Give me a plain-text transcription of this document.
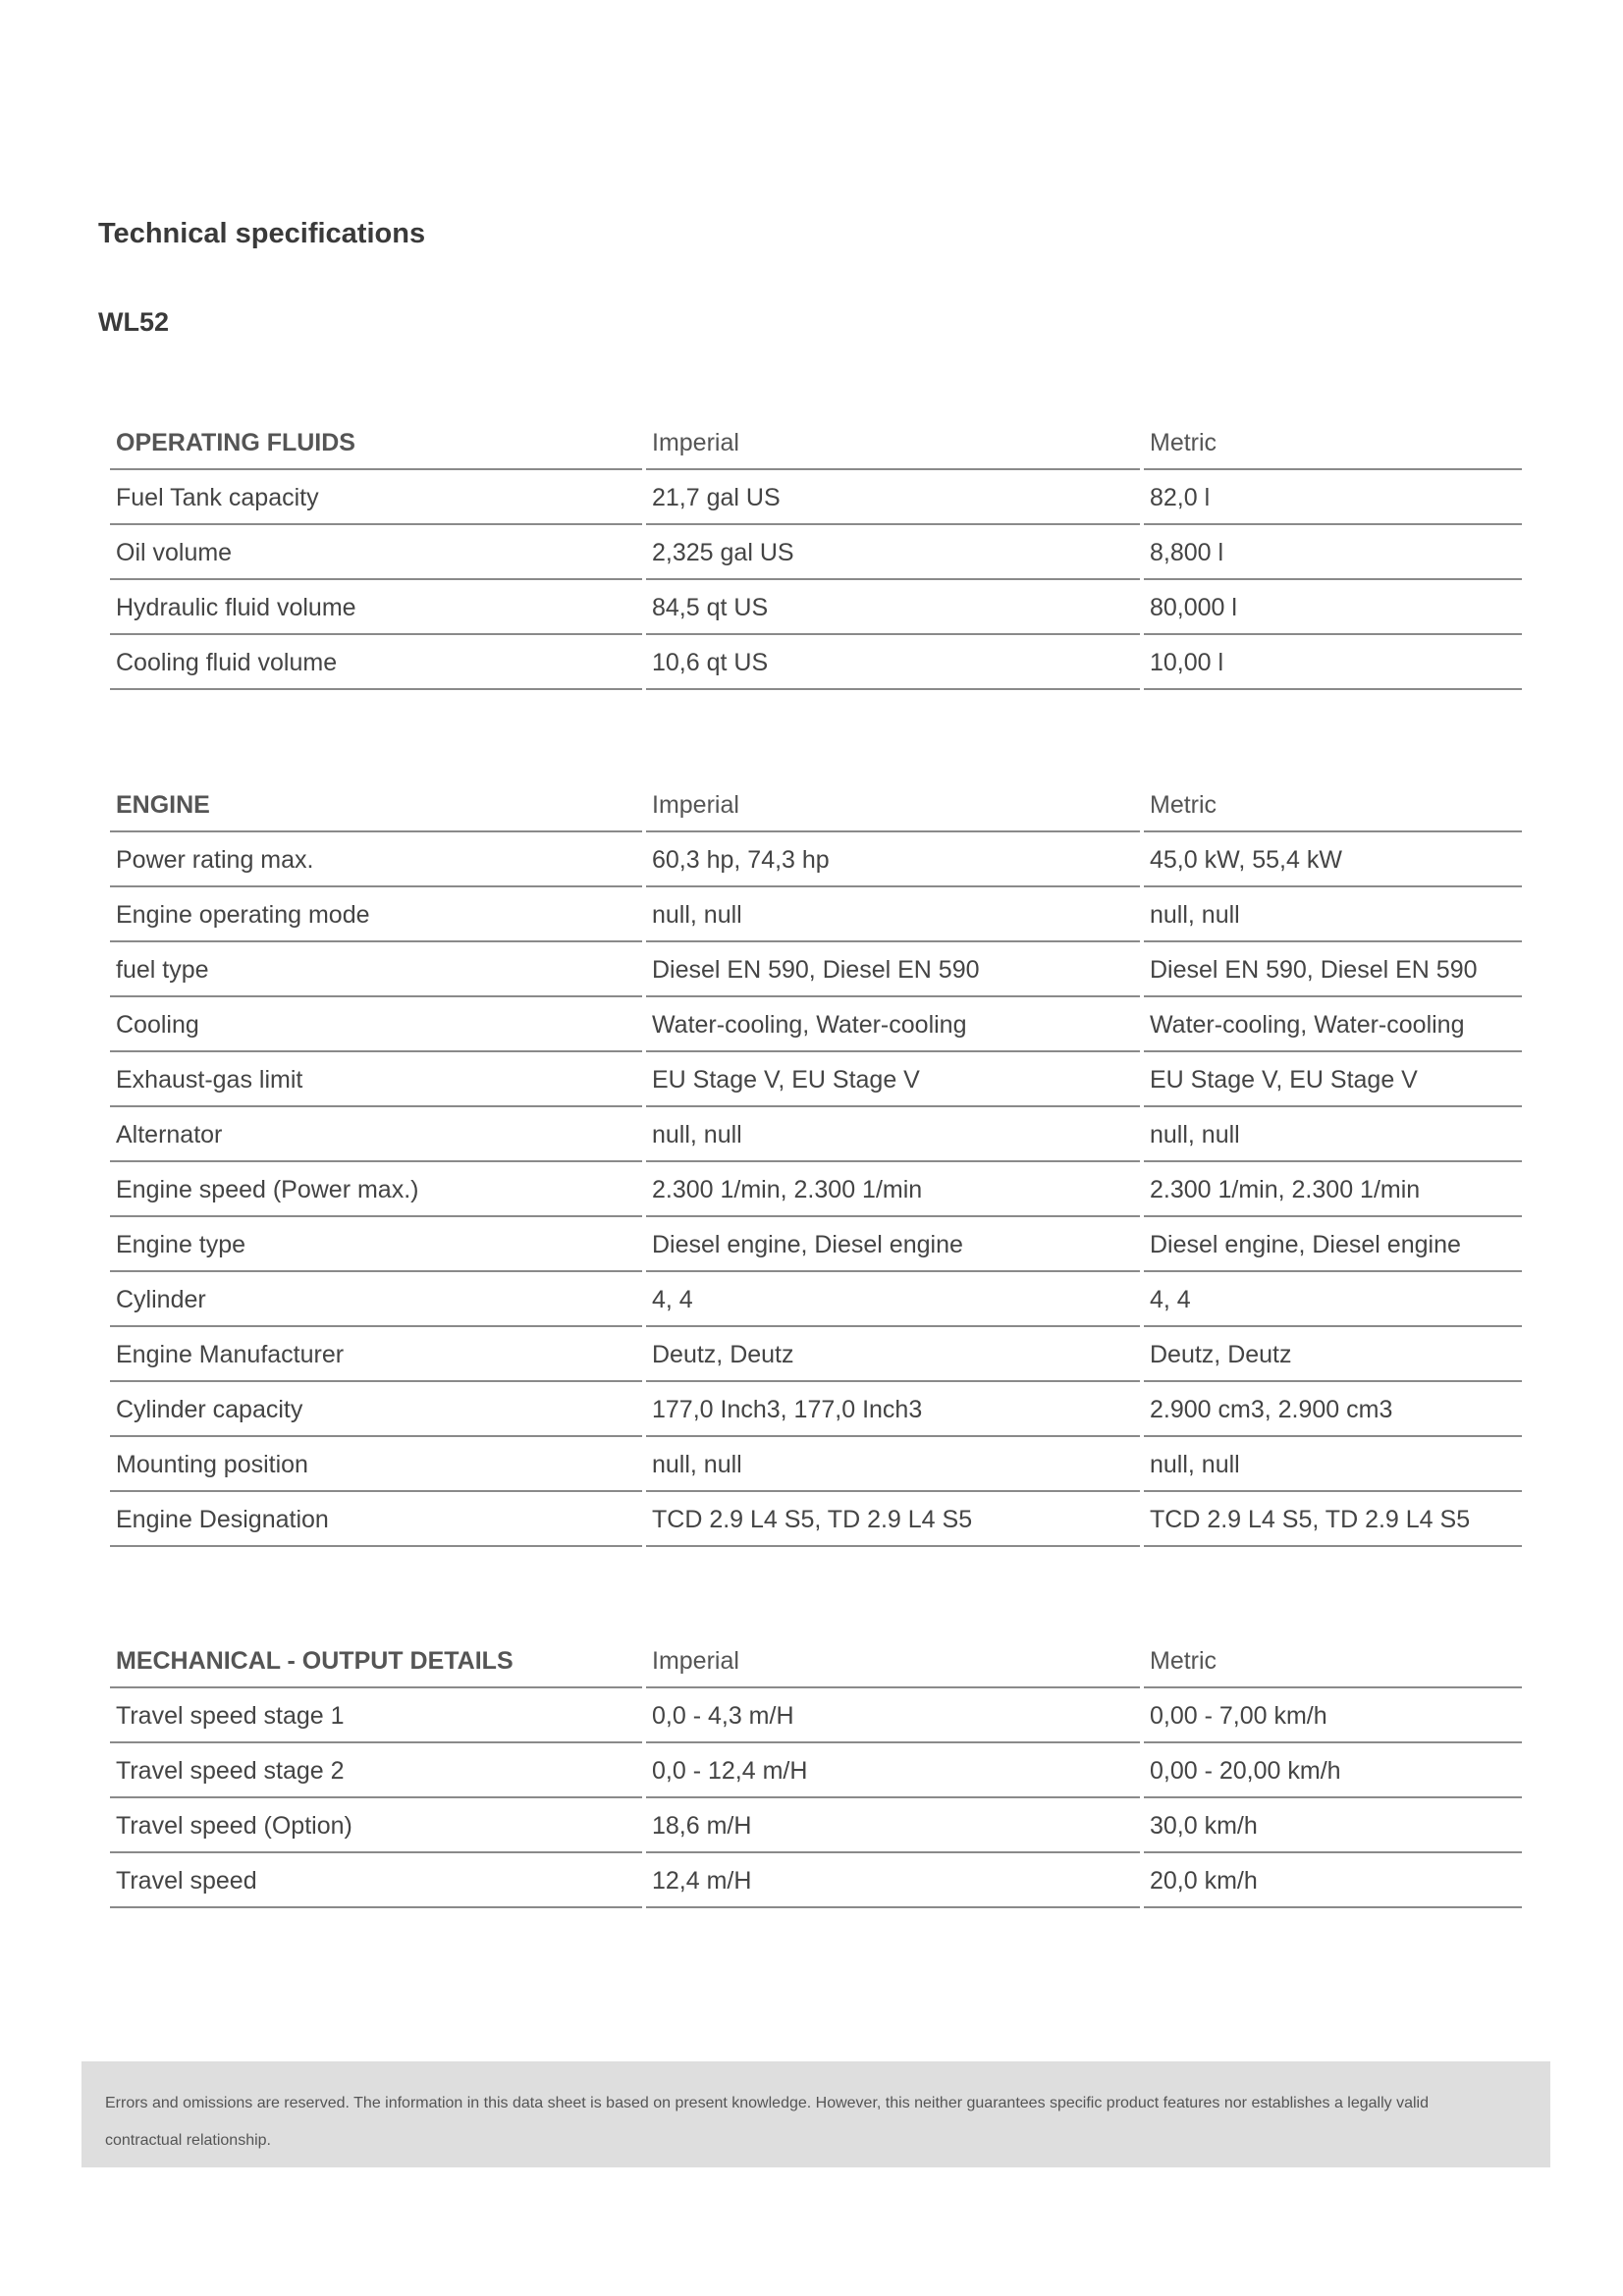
Technical specifications
WL52
OPERATING FLUIDS	Imperial	Metric
Fuel Tank capacity	21,7 gal US	82,0 l
Oil volume	2,325 gal US	8,800 l
Hydraulic fluid volume	84,5 qt US	80,000 l
Cooling fluid volume	10,6 qt US	10,00 l
ENGINE	Imperial	Metric
Power rating max.	60,3 hp, 74,3 hp	45,0 kW, 55,4 kW
Engine operating mode	null, null	null, null
fuel type	Diesel EN 590, Diesel EN 590	Diesel EN 590, Diesel EN 590
Cooling	Water-cooling, Water-cooling	Water-cooling, Water-cooling
Exhaust-gas limit	EU Stage V, EU Stage V	EU Stage V, EU Stage V
Alternator	null, null	null, null
Engine speed (Power max.)	2.300 1/min, 2.300 1/min	2.300 1/min, 2.300 1/min
Engine type	Diesel engine, Diesel engine	Diesel engine, Diesel engine
Cylinder	4, 4	4, 4
Engine Manufacturer	Deutz, Deutz	Deutz, Deutz
Cylinder capacity	177,0 Inch3, 177,0 Inch3	2.900 cm3, 2.900 cm3
Mounting position	null, null	null, null
Engine Designation	TCD 2.9 L4 S5, TD 2.9 L4 S5	TCD 2.9 L4 S5, TD 2.9 L4 S5
MECHANICAL - OUTPUT DETAILS	Imperial	Metric
Travel speed stage 1	0,0 - 4,3 m/H	0,00 - 7,00 km/h
Travel speed stage 2	0,0 - 12,4 m/H	0,00 - 20,00 km/h
Travel speed (Option)	18,6 m/H	30,0 km/h
Travel speed	12,4 m/H	20,0 km/h

Errors and omissions are reserved. The information in this data sheet is based on present knowledge. However, this neither guarantees specific product features nor establishes a legally valid

contractual relationship.
